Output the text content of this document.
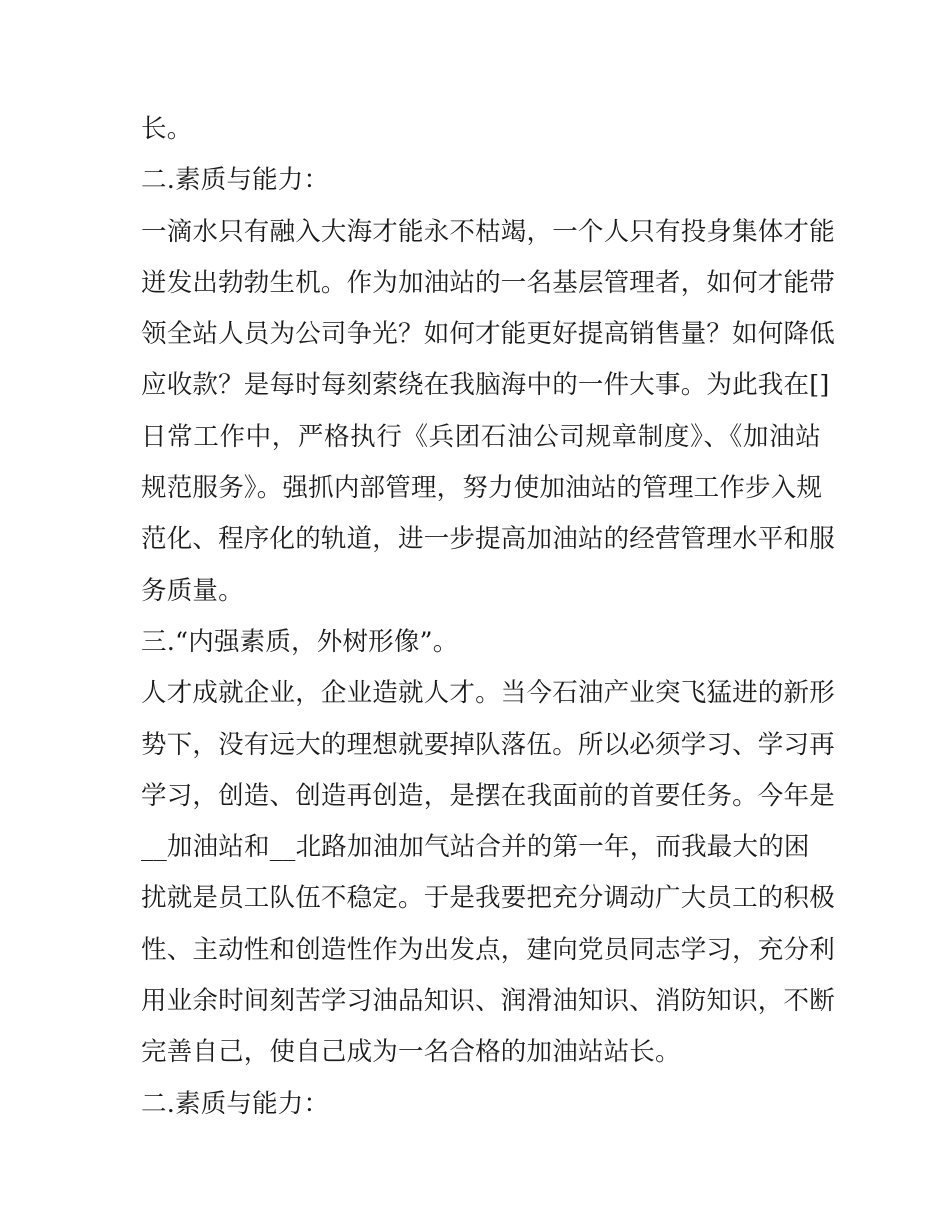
长。
二.素质与能力：
一滴水只有融入大海才能永不枯竭，一个人只有投身集体才能
迸发出勃勃生机。作为加油站的一名基层管理者，如何才能带
领全站人员为公司争光？如何才能更好提高销售量？如何降低
应收款？是每时每刻萦绕在我脑海中的一件大事。为此我在[]
日常工作中，严格执行《兵团石油公司规章制度》、《加油站
规范服务》。强抓内部管理，努力使加油站的管理工作步入规
范化、程序化的轨道，进一步提高加油站的经营管理水平和服
务质量。
三.“内强素质，外树形像”。
人才成就企业，企业造就人才。当今石油产业突飞猛进的新形
势下，没有远大的理想就要掉队落伍。所以必须学习、学习再
学习，创造、创造再创造，是摆在我面前的首要任务。今年是
__加油站和__北路加油加气站合并的第一年，而我最大的困
扰就是员工队伍不稳定。于是我要把充分调动广大员工的积极
性、主动性和创造性作为出发点，建向党员同志学习，充分利
用业余时间刻苦学习油品知识、润滑油知识、消防知识，不断
完善自己，使自己成为一名合格的加油站站长。
二.素质与能力：
